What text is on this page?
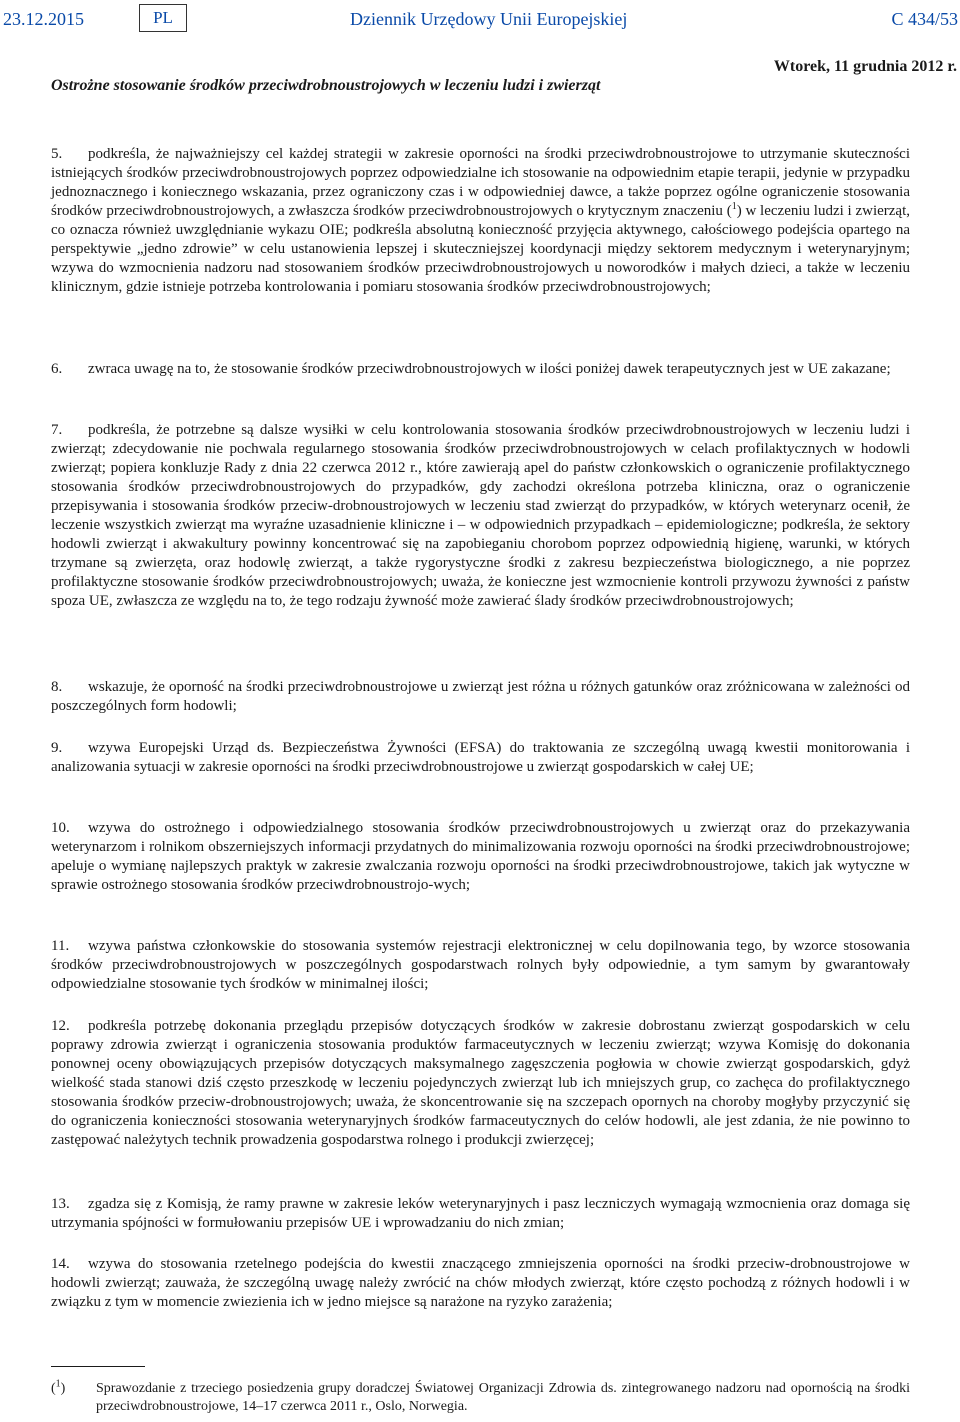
23.12.2015	PL	Dziennik Urzędowy Unii Europejskiej	C 434/53
Wtorek, 11 grudnia 2012 r.
Ostrożne stosowanie środków przeciwdrobnoustrojowych w leczeniu ludzi i zwierząt

5. podkreśla, że najważniejszy cel każdej strategii w zakresie oporności na środki przeciwdrobnoustrojowe to utrzymanie skuteczności istniejących środków przeciwdrobnoustrojowych poprzez odpowiedzialne ich stosowanie na odpowiednim etapie terapii, jedynie w przypadku jednoznacznego i koniecznego wskazania, przez ograniczony czas i w odpowiedniej dawce, a także poprzez ogólne ograniczenie stosowania środków przeciwdrobnoustrojowych, a zwłaszcza środków przeciwdrobnoustrojowych o krytycznym znaczeniu ($^1$) w leczeniu ludzi i zwierząt, co oznacza również uwzględnianie wykazu OIE; podkreśla absolutną konieczność przyjęcia aktywnego, całościowego podejścia opartego na perspektywie „jedno zdrowie” w celu ustanowienia lepszej i skuteczniejszej koordynacji między sektorem medycznym i weterynaryjnym; wzywa do wzmocnienia nadzoru nad stosowaniem środków przeciwdrobnoustrojowych u noworodków i małych dzieci, a także w leczeniu klinicznym, gdzie istnieje potrzeba kontrolowania i pomiaru stosowania środków przeciwdrobnoustrojowych;

6. zwraca uwagę na to, że stosowanie środków przeciwdrobnoustrojowych w ilości poniżej dawek terapeutycznych jest w UE zakazane;

7. podkreśla, że potrzebne są dalsze wysiłki w celu kontrolowania stosowania środków przeciwdrobnoustrojowych w leczeniu ludzi i zwierząt; zdecydowanie nie pochwala regularnego stosowania środków przeciwdrobnoustrojowych w celach profilaktycznych w hodowli zwierząt; popiera konkluzje Rady z dnia 22 czerwca 2012 r., które zawierają apel do państw członkowskich o ograniczenie profilaktycznego stosowania środków przeciwdrobnoustrojowych do przypadków, gdy zachodzi określona potrzeba kliniczna, oraz o ograniczenie przepisywania i stosowania środków przeciw-drobnoustrojowych w leczeniu stad zwierząt do przypadków, w których weterynarz ocenił, że leczenie wszystkich zwierząt ma wyraźne uzasadnienie kliniczne i – w odpowiednich przypadkach – epidemiologiczne; podkreśla, że sektory hodowli zwierząt i akwakultury powinny koncentrować się na zapobieganiu chorobom poprzez odpowiednią higienę, warunki, w których trzymane są zwierzęta, oraz hodowlę zwierząt, a także rygorystyczne środki z zakresu bezpieczeństwa biologicznego, a nie poprzez profilaktyczne stosowanie środków przeciwdrobnoustrojowych; uważa, że konieczne jest wzmocnienie kontroli przywozu żywności z państw spoza UE, zwłaszcza ze względu na to, że tego rodzaju żywność może zawierać ślady środków przeciwdrobnoustrojowych;

8. wskazuje, że oporność na środki przeciwdrobnoustrojowe u zwierząt jest różna u różnych gatunków oraz zróżnicowana w zależności od poszczególnych form hodowli;

9. wzywa Europejski Urząd ds. Bezpieczeństwa Żywności (EFSA) do traktowania ze szczególną uwagą kwestii monitorowania i analizowania sytuacji w zakresie oporności na środki przeciwdrobnoustrojowe u zwierząt gospodarskich w całej UE;

10. wzywa do ostrożnego i odpowiedzialnego stosowania środków przeciwdrobnoustrojowych u zwierząt oraz do przekazywania weterynarzom i rolnikom obszerniejszych informacji przydatnych do minimalizowania rozwoju oporności na środki przeciwdrobnoustrojowe; apeluje o wymianę najlepszych praktyk w zakresie zwalczania rozwoju oporności na środki przeciwdrobnoustrojowe, takich jak wytyczne w sprawie ostrożnego stosowania środków przeciwdrobnoustrojo-wych;

11. wzywa państwa członkowskie do stosowania systemów rejestracji elektronicznej w celu dopilnowania tego, by wzorce stosowania środków przeciwdrobnoustrojowych w poszczególnych gospodarstwach rolnych były odpowiednie, a tym samym by gwarantowały odpowiedzialne stosowanie tych środków w minimalnej ilości;

12. podkreśla potrzebę dokonania przeglądu przepisów dotyczących środków w zakresie dobrostanu zwierząt gospodarskich w celu poprawy zdrowia zwierząt i ograniczenia stosowania produktów farmaceutycznych w leczeniu zwierząt; wzywa Komisję do dokonania ponownej oceny obowiązujących przepisów dotyczących maksymalnego zagęszczenia pogłowia w chowie zwierząt gospodarskich, gdyż wielkość stada stanowi dziś często przeszkodę w leczeniu pojedynczych zwierząt lub ich mniejszych grup, co zachęca do profilaktycznego stosowania środków przeciw-drobnoustrojowych; uważa, że skoncentrowanie się na szczepach opornych na choroby mogłyby przyczynić się do ograniczenia konieczności stosowania weterynaryjnych środków farmaceutycznych do celów hodowli, ale jest zdania, że nie powinno to zastępować należytych technik prowadzenia gospodarstwa rolnego i produkcji zwierzęcej;

13. zgadza się z Komisją, że ramy prawne w zakresie leków weterynaryjnych i pasz leczniczych wymagają wzmocnienia oraz domaga się utrzymania spójności w formułowaniu przepisów UE i wprowadzaniu do nich zmian;

14. wzywa do stosowania rzetelnego podejścia do kwestii znaczącego zmniejszenia oporności na środki przeciw-drobnoustrojowe w hodowli zwierząt; zauważa, że szczególną uwagę należy zwrócić na chów młodych zwierząt, które często pochodzą z różnych hodowli i w związku z tym w momencie zwiezienia ich w jedno miejsce są narażone na ryzyko zarażenia;

($^1$) Sprawozdanie z trzeciego posiedzenia grupy doradczej Światowej Organizacji Zdrowia ds. zintegrowanego nadzoru nad opornością na środki przeciwdrobnoustrojowe, 14–17 czerwca 2011 r., Oslo, Norwegia.
